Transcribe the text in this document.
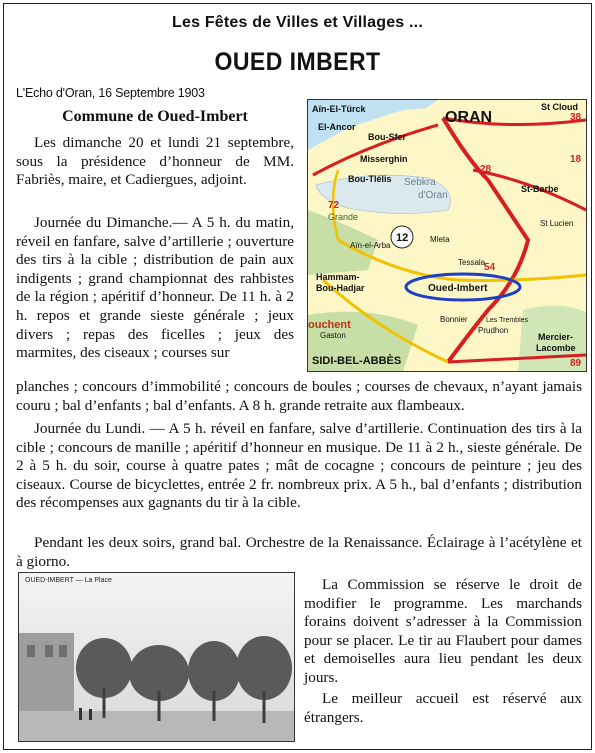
Les Fêtes de Villes et Villages ...
OUED IMBERT
L'Echo d'Oran, 16 Septembre 1903
Commune de Oued-Imbert

Les dimanche 20 et lundi 21 septembre, sous la présidence d’honneur de MM. Fabriès, maire, et Cadiergues, adjoint.

Journée du Dimanche.— A 5 h. du matin, réveil en fanfare, salve d’artillerie ; ouverture des tirs à la cible ; distribution de pain aux indigents ; grand championnat des rahbistes de la région ; apéritif d’honneur. De 11 h. à 2 h. repos et grande sieste générale ; jeux divers ; repas des ficelles ; jeux des marmites, des ciseaux ; courses sur

planches ; concours d’immobilité ; concours de boules ; courses de chevaux, n’ayant jamais couru ; bal d’enfants ; bal d’enfants. A 8 h. grande retraite aux flambeaux.

Journée du Lundi. — A 5 h. réveil en fanfare, salve d’artillerie. Continuation des tirs à la cible ; concours de manille ; apéritif d’honneur en musique. De 11 à 2 h., sieste générale. De 2 à 5 h. du soir, course à quatre pates ; mât de cocagne ; concours de peinture ; jeu des ciseaux. Course de bicyclettes, entrée 2 fr. nombreux prix. A 5 h., bal d’enfants ; distribution des récompenses aux gagnants du tir à la cible.

Pendant les deux soirs, grand bal. Orchestre de la Renaissance. Éclairage à l’acétylène et à giorno.

La Commission se réserve le droit de modifier le programme. Les marchands forains doivent s’adresser à la Commission pour se placer. Le tir au Flaubert pour dames et demoiselles aura lieu pendant les deux jours.

Le meilleur accueil est réservé aux étrangers.

ORAN
Aïn-El-Türck
El-Ancor
Bou-Sfer
Misserghin
Bou-Tlélis Sebkra
d'Oran
Grande
Aïn-el-Arba
Hammam-
Bou-Hadjar	Oued-Imbert
St Cloud
St-Barbe
St Lucien
Tessala
Bonnier
SIDI-BEL-ABBÈS
Mercier-
Lacombe
Prudhon
ouchent
Gaston
Les Trembles
Mleta
12
38
28
72
54
89
18
OUED-IMBERT — La Place
